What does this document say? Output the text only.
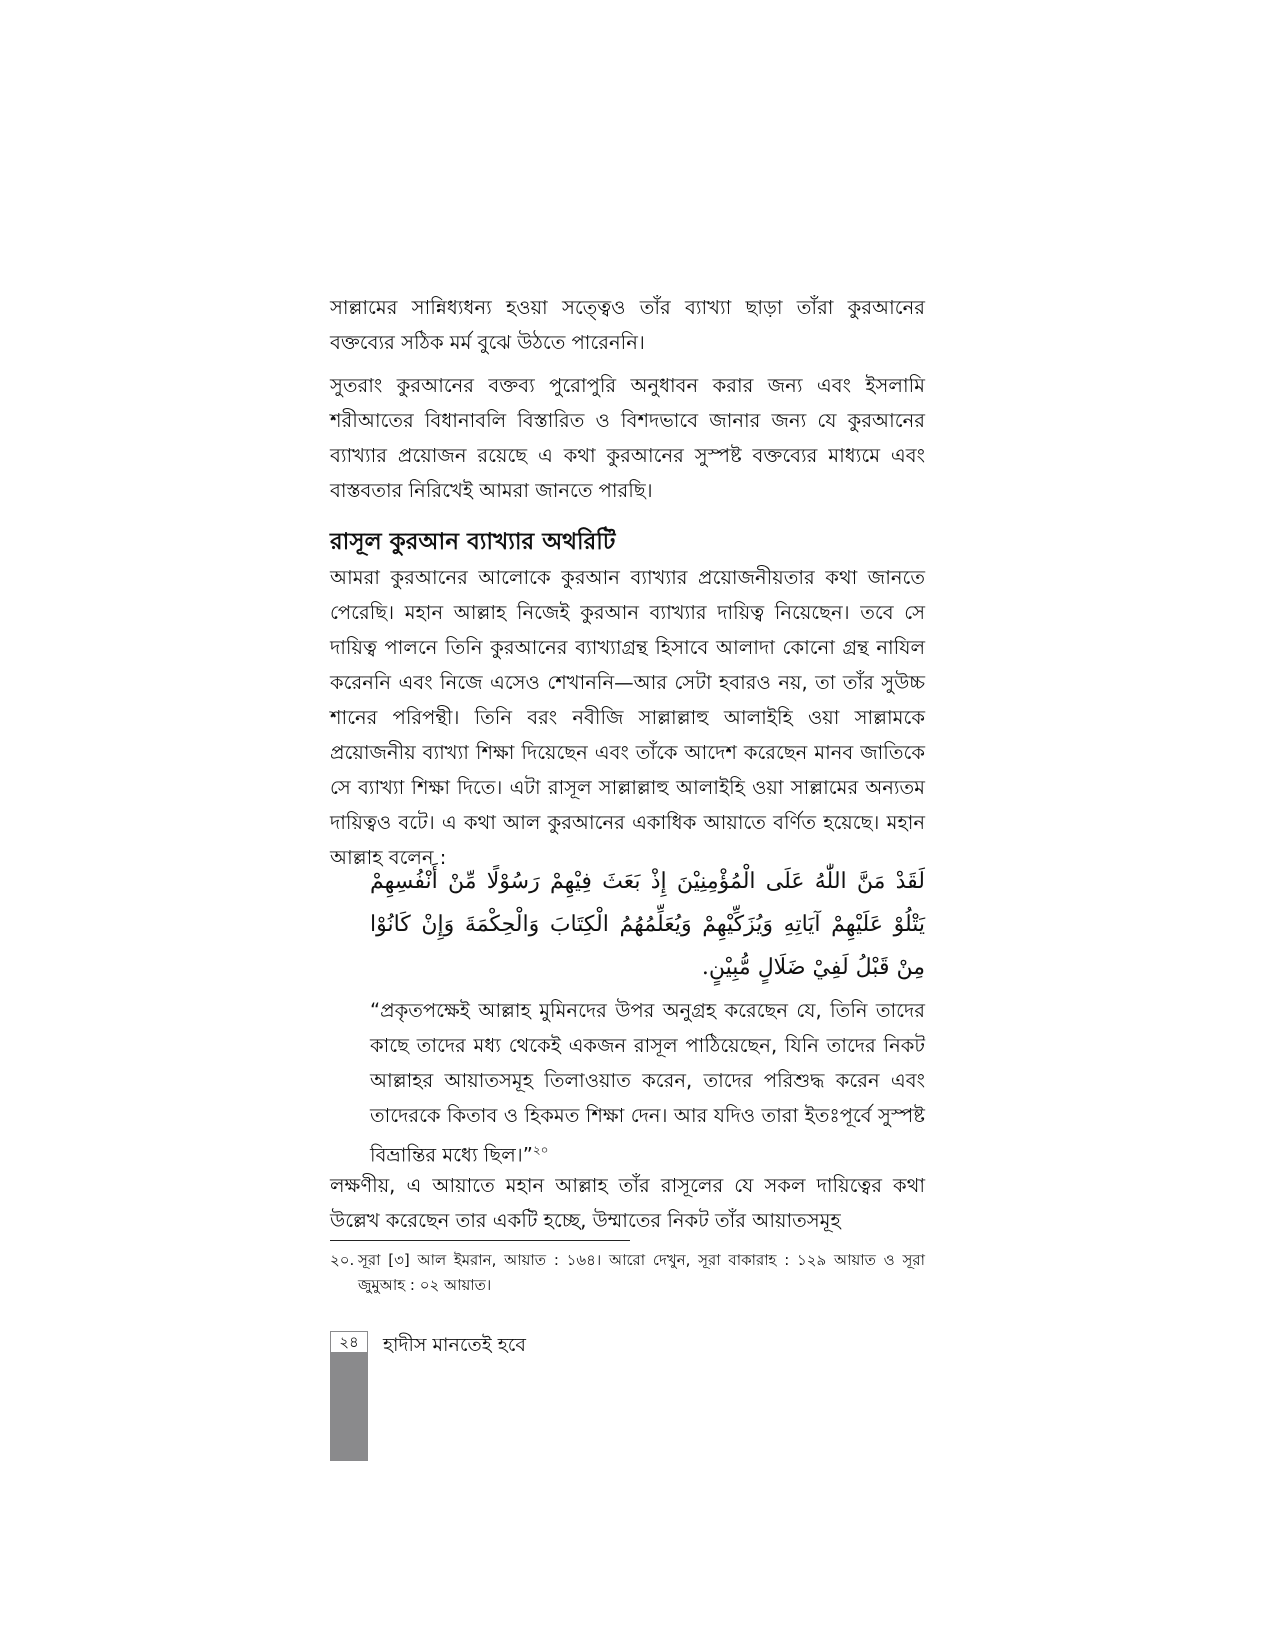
সাল্লামের সান্নিধ্যধন্য হওয়া সত্ত্বেও তাঁর ব্যাখ্যা ছাড়া তাঁরা কুরআনের বক্তব্যের সঠিক মর্ম বুঝে উঠতে পারেননি।

সুতরাং কুরআনের বক্তব্য পুরোপুরি অনুধাবন করার জন্য এবং ইসলামি শরীআতের বিধানাবলি বিস্তারিত ও বিশদভাবে জানার জন্য যে কুরআনের ব্যাখ্যার প্রয়োজন রয়েছে এ কথা কুরআনের সুস্পষ্ট বক্তব্যের মাধ্যমে এবং বাস্তবতার নিরিখেই আমরা জানতে পারছি।

রাসূল কুরআন ব্যাখ্যার অথরিটি

আমরা কুরআনের আলোকে কুরআন ব্যাখ্যার প্রয়োজনীয়তার কথা জানতে পেরেছি। মহান আল্লাহ নিজেই কুরআন ব্যাখ্যার দায়িত্ব নিয়েছেন। তবে সে দায়িত্ব পালনে তিনি কুরআনের ব্যাখ্যাগ্রন্থ হিসাবে আলাদা কোনো গ্রন্থ নাযিল করেননি এবং নিজে এসেও শেখাননি—আর সেটা হবারও নয়, তা তাঁর সুউচ্চ শানের পরিপন্থী। তিনি বরং নবীজি সাল্লাল্লাহু আলাইহি ওয়া সাল্লামকে প্রয়োজনীয় ব্যাখ্যা শিক্ষা দিয়েছেন এবং তাঁকে আদেশ করেছেন মানব জাতিকে সে ব্যাখ্যা শিক্ষা দিতে। এটা রাসূল সাল্লাল্লাহু আলাইহি ওয়া সাল্লামের অন্যতম দায়িত্বও বটে। এ কথা আল কুরআনের একাধিক আয়াতে বর্ণিত হয়েছে। মহান আল্লাহ বলেন :

لَقَدْ مَنَّ اللّٰهُ عَلَى الْمُؤْمِنِيْنَ إِذْ بَعَثَ فِيْهِمْ رَسُوْلًا مِّنْ أَنْفُسِهِمْ يَتْلُوْ عَلَيْهِمْ آيَاتِهِ وَيُزَكِّيْهِمْ وَيُعَلِّمُهُمُ الْكِتَابَ وَالْحِكْمَةَ وَإِنْ كَانُوْا مِنْ قَبْلُ لَفِيْ ضَلَالٍ مُّبِيْنٍ.

“প্রকৃতপক্ষেই আল্লাহ মুমিনদের উপর অনুগ্রহ করেছেন যে, তিনি তাদের কাছে তাদের মধ্য থেকেই একজন রাসূল পাঠিয়েছেন, যিনি তাদের নিকট আল্লাহর আয়াতসমূহ তিলাওয়াত করেন, তাদের পরিশুদ্ধ করেন এবং তাদেরকে কিতাব ও হিকমত শিক্ষা দেন। আর যদিও তারা ইতঃপূর্বে সুস্পষ্ট বিভ্রান্তির মধ্যে ছিল।”$^{২০}$

লক্ষণীয়, এ আয়াতে মহান আল্লাহ তাঁর রাসূলের যে সকল দায়িত্বের কথা উল্লেখ করেছেন তার একটি হচ্ছে, উম্মাতের নিকট তাঁর আয়াতসমূহ

২০. সূরা [৩] আল ইমরান, আয়াত : ১৬৪। আরো দেখুন, সূরা বাকারাহ : ১২৯ আয়াত ও সূরা জুমুআহ : ০২ আয়াত।
২৪	হাদীস মানতেই হবে
